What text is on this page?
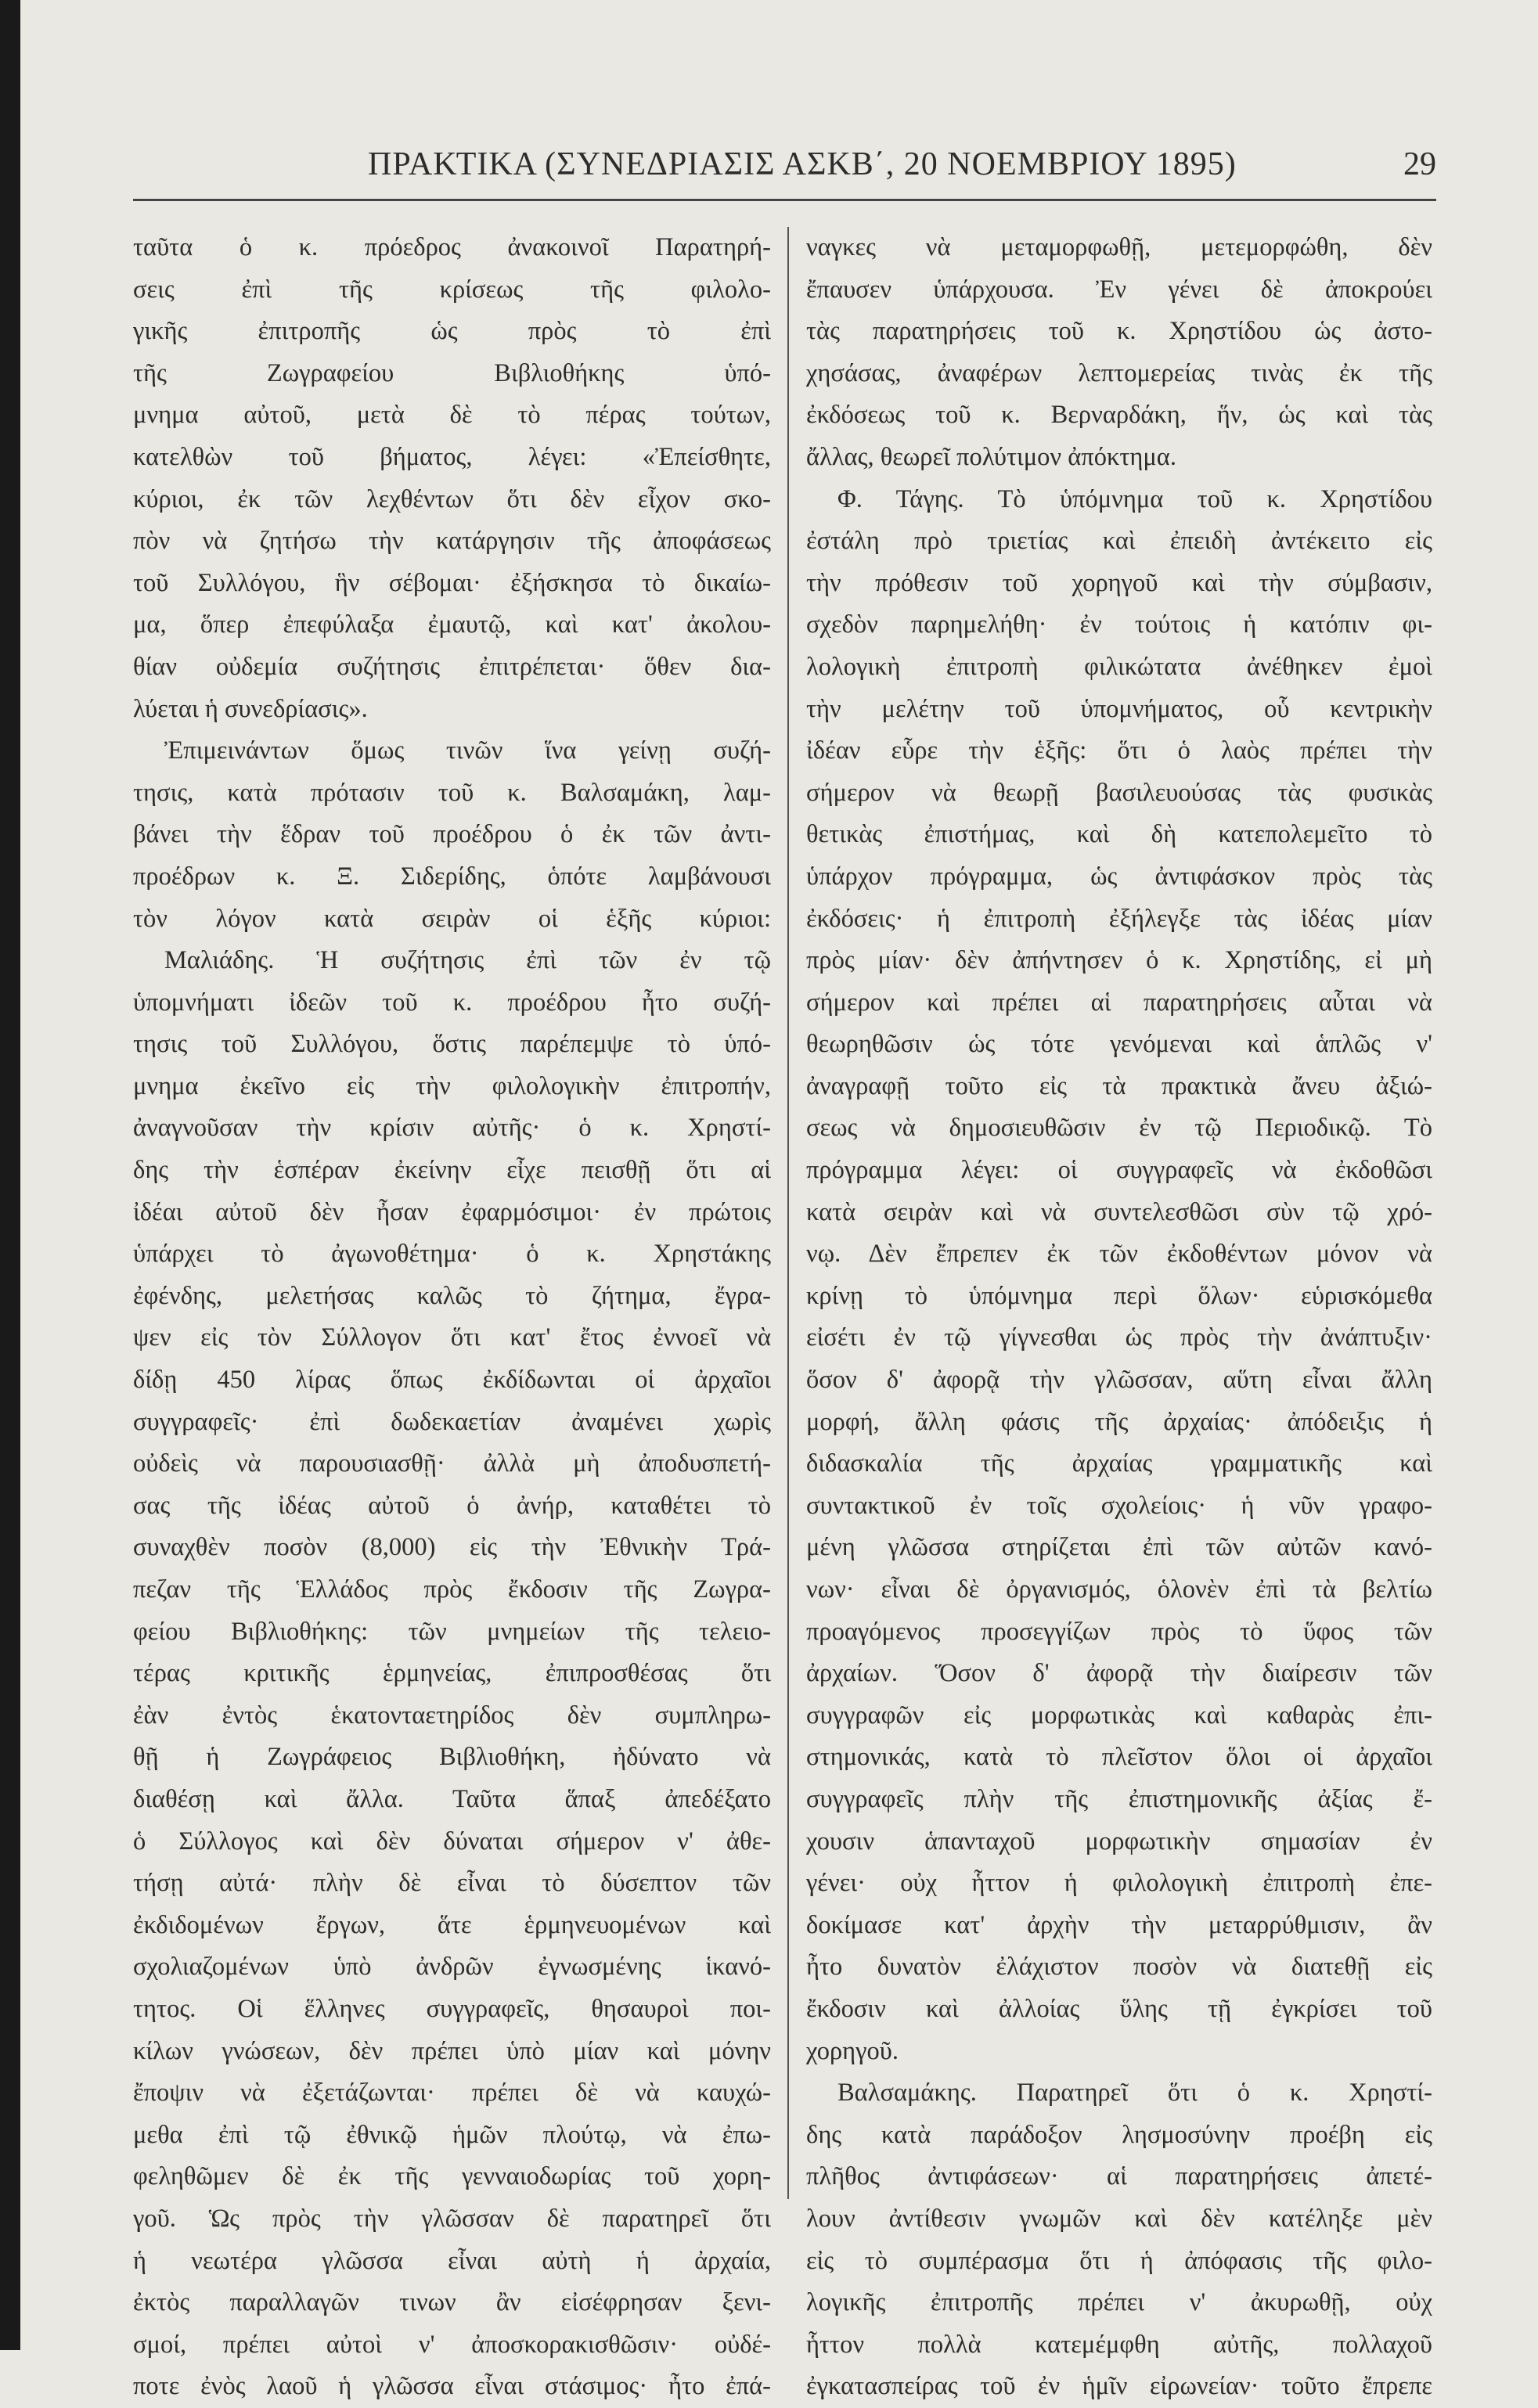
ΠΡΑΚΤΙΚΑ (ΣΥΝΕΔΡΙΑΣΙΣ ΑΣΚΒ΄, 20 ΝΟΕΜΒΡΙΟΥ 1895)	29
ταῦτα ὁ κ. πρόεδρος ἀνακοινοῖ Παρατηρή-
σεις ἐπὶ τῆς κρίσεως τῆς φιλολο-
γικῆς ἐπιτροπῆς ὡς πρὸς τὸ ἐπὶ
τῆς Ζωγραφείου Βιβλιοθήκης ὑπό-
μνημα αὐτοῦ, μετὰ δὲ τὸ πέρας τούτων,
κατελθὼν τοῦ βήματος, λέγει: «Ἐπείσθητε,
κύριοι, ἐκ τῶν λεχθέντων ὅτι δὲν εἶχον σκο-
πὸν νὰ ζητήσω τὴν κατάργησιν τῆς ἀποφάσεως
τοῦ Συλλόγου, ἣν σέβομαι· ἐξήσκησα τὸ δικαίω-
μα, ὅπερ ἐπεφύλαξα ἐμαυτῷ, καὶ κατ' ἀκολου-
θίαν οὐδεμία συζήτησις ἐπιτρέπεται· ὅθεν δια-
λύεται ἡ συνεδρίασις».
Ἐπιμεινάντων ὅμως τινῶν ἵνα γείνῃ συζή-
τησις, κατὰ πρότασιν τοῦ κ. Βαλσαμάκη, λαμ-
βάνει τὴν ἕδραν τοῦ προέδρου ὁ ἐκ τῶν ἀντι-
προέδρων κ. Ξ. Σιδερίδης, ὁπότε λαμβάνουσι
τὸν λόγον κατὰ σειρὰν οἱ ἑξῆς κύριοι:
Μαλιάδης. Ἡ συζήτησις ἐπὶ τῶν ἐν τῷ
ὑπομνήματι ἰδεῶν τοῦ κ. προέδρου ἦτο συζή-
τησις τοῦ Συλλόγου, ὅστις παρέπεμψε τὸ ὑπό-
μνημα ἐκεῖνο εἰς τὴν φιλολογικὴν ἐπιτροπήν,
ἀναγνοῦσαν τὴν κρίσιν αὐτῆς· ὁ κ. Χρηστί-
δης τὴν ἑσπέραν ἐκείνην εἶχε πεισθῇ ὅτι αἱ
ἰδέαι αὐτοῦ δὲν ἦσαν ἐφαρμόσιμοι· ἐν πρώτοις
ὑπάρχει τὸ ἀγωνοθέτημα· ὁ κ. Χρηστάκης
ἐφένδης, μελετήσας καλῶς τὸ ζήτημα, ἔγρα-
ψεν εἰς τὸν Σύλλογον ὅτι κατ' ἔτος ἐννοεῖ νὰ
δίδῃ 450 λίρας ὅπως ἐκδίδωνται οἱ ἀρχαῖοι
συγγραφεῖς· ἐπὶ δωδεκαετίαν ἀναμένει χωρὶς
οὐδεὶς νὰ παρουσιασθῇ· ἀλλὰ μὴ ἀποδυσπετή-
σας τῆς ἰδέας αὐτοῦ ὁ ἀνήρ, καταθέτει τὸ
συναχθὲν ποσὸν (8,000) εἰς τὴν Ἐθνικὴν Τρά-
πεζαν τῆς Ἑλλάδος πρὸς ἔκδοσιν τῆς Ζωγρα-
φείου Βιβλιοθήκης: τῶν μνημείων τῆς τελειο-
τέρας κριτικῆς ἑρμηνείας, ἐπιπροσθέσας ὅτι
ἐὰν ἐντὸς ἑκατονταετηρίδος δὲν συμπληρω-
θῇ ἡ Ζωγράφειος Βιβλιοθήκη, ἠδύνατο νὰ
διαθέσῃ καὶ ἄλλα. Ταῦτα ἅπαξ ἀπεδέξατο
ὁ Σύλλογος καὶ δὲν δύναται σήμερον ν' ἀθε-
τήσῃ αὐτά· πλὴν δὲ εἶναι τὸ δύσεπτον τῶν
ἐκδιδομένων ἔργων, ἅτε ἑρμηνευομένων καὶ
σχολιαζομένων ὑπὸ ἀνδρῶν ἐγνωσμένης ἱκανό-
τητος. Οἱ ἕλληνες συγγραφεῖς, θησαυροὶ ποι-
κίλων γνώσεων, δὲν πρέπει ὑπὸ μίαν καὶ μόνην
ἔποψιν νὰ ἐξετάζωνται· πρέπει δὲ νὰ καυχώ-
μεθα ἐπὶ τῷ ἐθνικῷ ἡμῶν πλούτῳ, νὰ ἐπω-
φεληθῶμεν δὲ ἐκ τῆς γενναιοδωρίας τοῦ χορη-
γοῦ. Ὡς πρὸς τὴν γλῶσσαν δὲ παρατηρεῖ ὅτι
ἡ νεωτέρα γλῶσσα εἶναι αὐτὴ ἡ ἀρχαία,
ἐκτὸς παραλλαγῶν τινων ἂν εἰσέφρησαν ξενι-
σμοί, πρέπει αὐτοὶ ν' ἀποσκορακισθῶσιν· οὐδέ-
ποτε ἐνὸς λαοῦ ἡ γλῶσσα εἶναι στάσιμος· ἦτο ἐπά-
ναγκες νὰ μεταμορφωθῇ, μετεμορφώθη, δὲν
ἔπαυσεν ὑπάρχουσα. Ἐν γένει δὲ ἀποκρούει
τὰς παρατηρήσεις τοῦ κ. Χρηστίδου ὡς ἀστο-
χησάσας, ἀναφέρων λεπτομερείας τινὰς ἐκ τῆς
ἐκδόσεως τοῦ κ. Βερναρδάκη, ἥν, ὡς καὶ τὰς
ἄλλας, θεωρεῖ πολύτιμον ἀπόκτημα.
Φ. Τάγης. Τὸ ὑπόμνημα τοῦ κ. Χρηστίδου
ἐστάλη πρὸ τριετίας καὶ ἐπειδὴ ἀντέκειτο εἰς
τὴν πρόθεσιν τοῦ χορηγοῦ καὶ τὴν σύμβασιν,
σχεδὸν παρημελήθη· ἐν τούτοις ἡ κατόπιν φι-
λολογικὴ ἐπιτροπὴ φιλικώτατα ἀνέθηκεν ἐμοὶ
τὴν μελέτην τοῦ ὑπομνήματος, οὗ κεντρικὴν
ἰδέαν εὗρε τὴν ἑξῆς: ὅτι ὁ λαὸς πρέπει τὴν
σήμερον νὰ θεωρῇ βασιλευούσας τὰς φυσικὰς
θετικὰς ἐπιστήμας, καὶ δὴ κατεπολεμεῖτο τὸ
ὑπάρχον πρόγραμμα, ὡς ἀντιφάσκον πρὸς τὰς
ἐκδόσεις· ἡ ἐπιτροπὴ ἐξήλεγξε τὰς ἰδέας μίαν
πρὸς μίαν· δὲν ἀπήντησεν ὁ κ. Χρηστίδης, εἰ μὴ
σήμερον καὶ πρέπει αἱ παρατηρήσεις αὗται νὰ
θεωρηθῶσιν ὡς τότε γενόμεναι καὶ ἁπλῶς ν'
ἀναγραφῇ τοῦτο εἰς τὰ πρακτικὰ ἄνευ ἀξιώ-
σεως νὰ δημοσιευθῶσιν ἐν τῷ Περιοδικῷ. Τὸ
πρόγραμμα λέγει: οἱ συγγραφεῖς νὰ ἐκδοθῶσι
κατὰ σειρὰν καὶ νὰ συντελεσθῶσι σὺν τῷ χρό-
νῳ. Δὲν ἔπρεπεν ἐκ τῶν ἐκδοθέντων μόνον νὰ
κρίνῃ τὸ ὑπόμνημα περὶ ὅλων· εὑρισκόμεθα
εἰσέτι ἐν τῷ γίγνεσθαι ὡς πρὸς τὴν ἀνάπτυξιν·
ὅσον δ' ἀφορᾷ τὴν γλῶσσαν, αὕτη εἶναι ἄλλη
μορφή, ἄλλη φάσις τῆς ἀρχαίας· ἀπόδειξις ἡ
διδασκαλία τῆς ἀρχαίας γραμματικῆς καὶ
συντακτικοῦ ἐν τοῖς σχολείοις· ἡ νῦν γραφο-
μένη γλῶσσα στηρίζεται ἐπὶ τῶν αὐτῶν κανό-
νων· εἶναι δὲ ὀργανισμός, ὁλονὲν ἐπὶ τὰ βελτίω
προαγόμενος προσεγγίζων πρὸς τὸ ὕφος τῶν
ἀρχαίων. Ὅσον δ' ἀφορᾷ τὴν διαίρεσιν τῶν
συγγραφῶν εἰς μορφωτικὰς καὶ καθαρὰς ἐπι-
στημονικάς, κατὰ τὸ πλεῖστον ὅλοι οἱ ἀρχαῖοι
συγγραφεῖς πλὴν τῆς ἐπιστημονικῆς ἀξίας ἔ-
χουσιν ἁπανταχοῦ μορφωτικὴν σημασίαν ἐν
γένει· οὐχ ἧττον ἡ φιλολογικὴ ἐπιτροπὴ ἐπε-
δοκίμασε κατ' ἀρχὴν τὴν μεταρρύθμισιν, ἂν
ἦτο δυνατὸν ἐλάχιστον ποσὸν νὰ διατεθῇ εἰς
ἔκδοσιν καὶ ἀλλοίας ὕλης τῇ ἐγκρίσει τοῦ
χορηγοῦ.
Βαλσαμάκης. Παρατηρεῖ ὅτι ὁ κ. Χρηστί-
δης κατὰ παράδοξον λησμοσύνην προέβη εἰς
πλῆθος ἀντιφάσεων· αἱ παρατηρήσεις ἀπετέ-
λουν ἀντίθεσιν γνωμῶν καὶ δὲν κατέληξε μὲν
εἰς τὸ συμπέρασμα ὅτι ἡ ἀπόφασις τῆς φιλο-
λογικῆς ἐπιτροπῆς πρέπει ν' ἀκυρωθῇ, οὐχ
ἧττον πολλὰ κατεμέμφθη αὐτῆς, πολλαχοῦ
ἐγκατασπείρας τοῦ ἐν ἡμῖν εἰρωνείαν· τοῦτο ἔπρεπε
